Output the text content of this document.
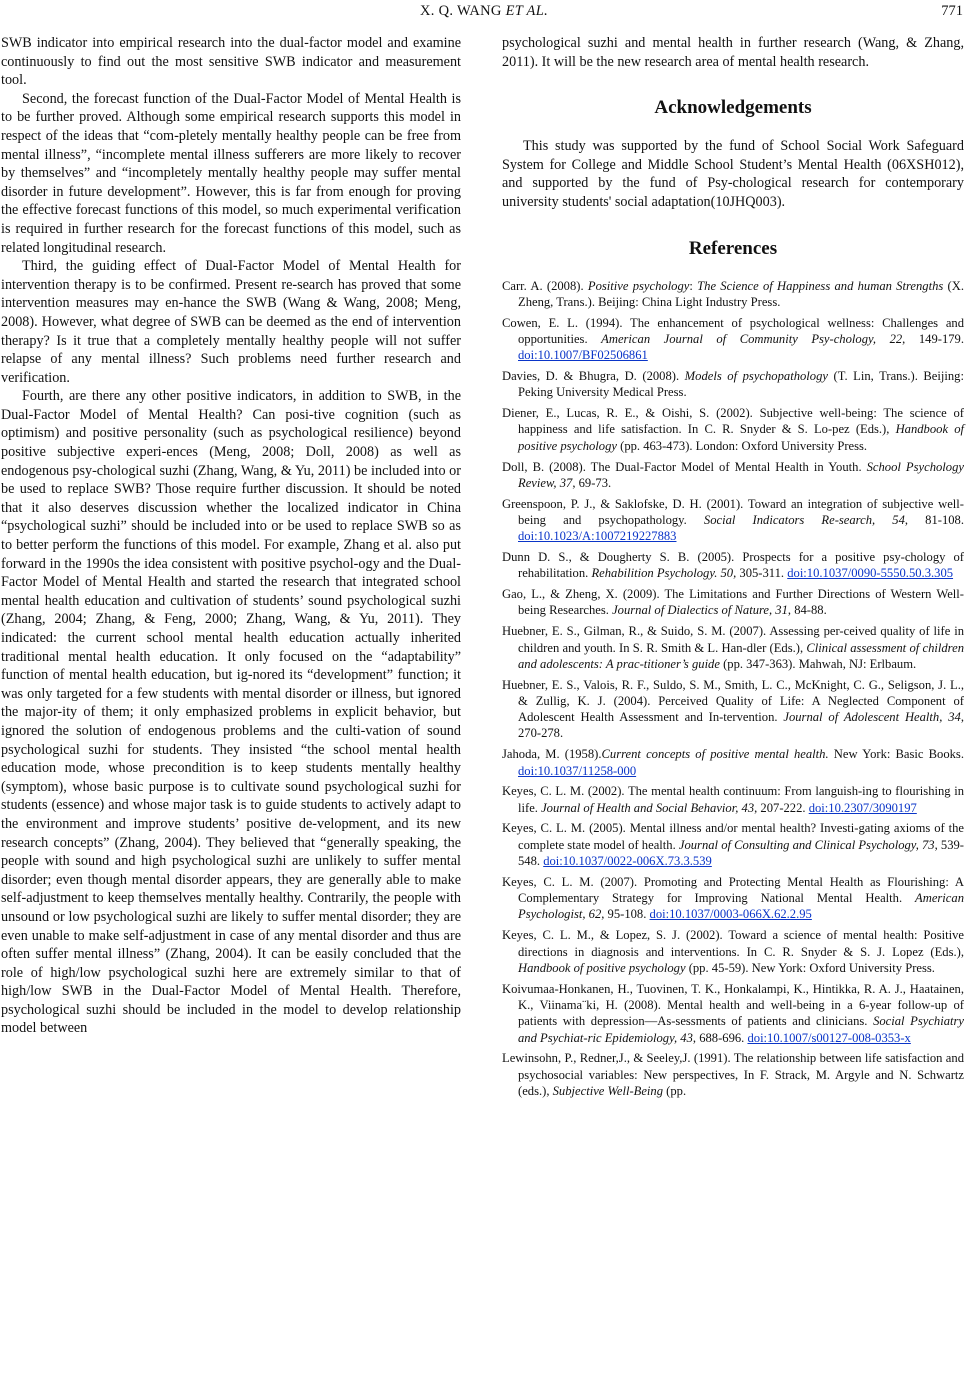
X. Q. WANG ET AL.	771

SWB indicator into empirical research into the dual-factor model and examine continuously to find out the most sensitive SWB indicator and measurement tool.

Second, the forecast function of the Dual-Factor Model of Mental Health is to be further proved. Although some empirical research supports this model in respect of the ideas that “com-pletely mentally healthy people can be free from mental illness”, “incomplete mental illness sufferers are more likely to recover by themselves” and “incompletely mentally healthy people may suffer mental disorder in future development”. However, this is far from enough for proving the effective forecast functions of this model, so much experimental verification is required in further research for the forecast functions of this model, such as related longitudinal research.

Third, the guiding effect of Dual-Factor Model of Mental Health for intervention therapy is to be confirmed. Present re-search has proved that some intervention measures may en-hance the SWB (Wang & Wang, 2008; Meng, 2008). However, what degree of SWB can be deemed as the end of intervention therapy? Is it true that a completely mentally healthy people will not suffer relapse of any mental illness? Such problems need further research and verification.

Fourth, are there any other positive indicators, in addition to SWB, in the Dual-Factor Model of Mental Health? Can posi-tive cognition (such as optimism) and positive personality (such as psychological resilience) beyond positive subjective experi-ences (Meng, 2008; Doll, 2008) as well as endogenous psy-chological suzhi (Zhang, Wang, & Yu, 2011) be included into or be used to replace SWB? Those require further discussion. It should be noted that it also deserves discussion whether the localized indicator in China “psychological suzhi” should be included into or be used to replace SWB so as to better perform the functions of this model. For example, Zhang et al. also put forward in the 1990s the idea consistent with positive psychol-ogy and the Dual-Factor Model of Mental Health and started the research that integrated school mental health education and cultivation of students’ sound psychological suzhi (Zhang, 2004; Zhang, & Feng, 2000; Zhang, Wang, & Yu, 2011). They indicated: the current school mental health education actually inherited traditional mental health education. It only focused on the “adaptability” function of mental health education, but ig-nored its “development” function; it was only targeted for a few students with mental disorder or illness, but ignored the major-ity of them; it only emphasized problems in explicit behavior, but ignored the solution of endogenous problems and the culti-vation of sound psychological suzhi for students. They insisted “the school mental health education mode, whose precondition is to keep students mentally healthy (symptom), whose basic purpose is to cultivate sound psychological suzhi for students (essence) and whose major task is to guide students to actively adapt to the environment and improve students’ positive de-velopment, and its new research concepts” (Zhang, 2004). They believed that “generally speaking, the people with sound and high psychological suzhi are unlikely to suffer mental disorder; even though mental disorder appears, they are generally able to make self-adjustment to keep themselves mentally healthy. Contrarily, the people with unsound or low psychological suzhi are likely to suffer mental disorder; they are even unable to make self-adjustment in case of any mental disorder and thus are often suffer mental illness” (Zhang, 2004). It can be easily concluded that the role of high/low psychological suzhi here are extremely similar to that of high/low SWB in the Dual-Factor Model of Mental Health. Therefore, psychological suzhi should be included in the model to develop relationship model between

psychological suzhi and mental health in further research (Wang, & Zhang, 2011). It will be the new research area of mental health research.

Acknowledgements

This study was supported by the fund of School Social Work Safeguard System for College and Middle School Student’s Mental Health (06XSH012), and supported by the fund of Psy-chological research for contemporary university students' social adaptation(10JHQ003).

References

Carr. A. (2008). Positive psychology: The Science of Happiness and human Strengths (X. Zheng, Trans.). Beijing: China Light Industry Press.

Cowen, E. L. (1994). The enhancement of psychological wellness: Challenges and opportunities. American Journal of Community Psy-chology, 22, 149-179. doi:10.1007/BF02506861

Davies, D. & Bhugra, D. (2008). Models of psychopathology (T. Lin, Trans.). Beijing: Peking University Medical Press.

Diener, E., Lucas, R. E., & Oishi, S. (2002). Subjective well-being: The science of happiness and life satisfaction. In C. R. Snyder & S. Lo-pez (Eds.), Handbook of positive psychology (pp. 463-473). London: Oxford University Press.

Doll, B. (2008). The Dual-Factor Model of Mental Health in Youth. School Psychology Review, 37, 69-73.

Greenspoon, P. J., & Saklofske, D. H. (2001). Toward an integration of subjective well-being and psychopathology. Social Indicators Re-search, 54, 81-108. doi:10.1023/A:1007219227883

Dunn D. S., & Dougherty S. B. (2005). Prospects for a positive psy-chology of rehabilitation. Rehabilition Psychology. 50, 305-311. doi:10.1037/0090-5550.50.3.305

Gao, L., & Zheng, X. (2009). The Limitations and Further Directions of Western Well-being Researches. Journal of Dialectics of Nature, 31, 84-88.

Huebner, E. S., Gilman, R., & Suido, S. M. (2007). Assessing per-ceived quality of life in children and youth. In S. R. Smith & L. Han-dler (Eds.), Clinical assessment of children and adolescents: A prac-titioner’s guide (pp. 347-363). Mahwah, NJ: Erlbaum.

Huebner, E. S., Valois, R. F., Suldo, S. M., Smith, L. C., McKnight, C. G., Seligson, J. L., & Zullig, K. J. (2004). Perceived Quality of Life: A Neglected Component of Adolescent Health Assessment and In-tervention. Journal of Adolescent Health, 34, 270-278.

Jahoda, M. (1958).Current concepts of positive mental health. New York: Basic Books. doi:10.1037/11258-000

Keyes, C. L. M. (2002). The mental health continuum: From languish-ing to flourishing in life. Journal of Health and Social Behavior, 43, 207-222. doi:10.2307/3090197

Keyes, C. L. M. (2005). Mental illness and/or mental health? Investi-gating axioms of the complete state model of health. Journal of Consulting and Clinical Psychology, 73, 539-548. doi:10.1037/0022-006X.73.3.539

Keyes, C. L. M. (2007). Promoting and Protecting Mental Health as Flourishing: A Complementary Strategy for Improving National Mental Health. American Psychologist, 62, 95-108. doi:10.1037/0003-066X.62.2.95

Keyes, C. L. M., & Lopez, S. J. (2002). Toward a science of mental health: Positive directions in diagnosis and interventions. In C. R. Snyder & S. J. Lopez (Eds.), Handbook of positive psychology (pp. 45-59). New York: Oxford University Press.

Koivumaa-Honkanen, H., Tuovinen, T. K., Honkalampi, K., Hintikka, R. A. J., Haatainen, K., Viinama¨ki, H. (2008). Mental health and well-being in a 6-year follow-up of patients with depression—As-sessments of patients and clinicians. Social Psychiatry and Psychiat-ric Epidemiology, 43, 688-696. doi:10.1007/s00127-008-0353-x

Lewinsohn, P., Redner,J., & Seeley,J. (1991). The relationship between life satisfaction and psychosocial variables: New perspectives, In F. Strack, M. Argyle and N. Schwartz (eds.), Subjective Well-Being (pp.
